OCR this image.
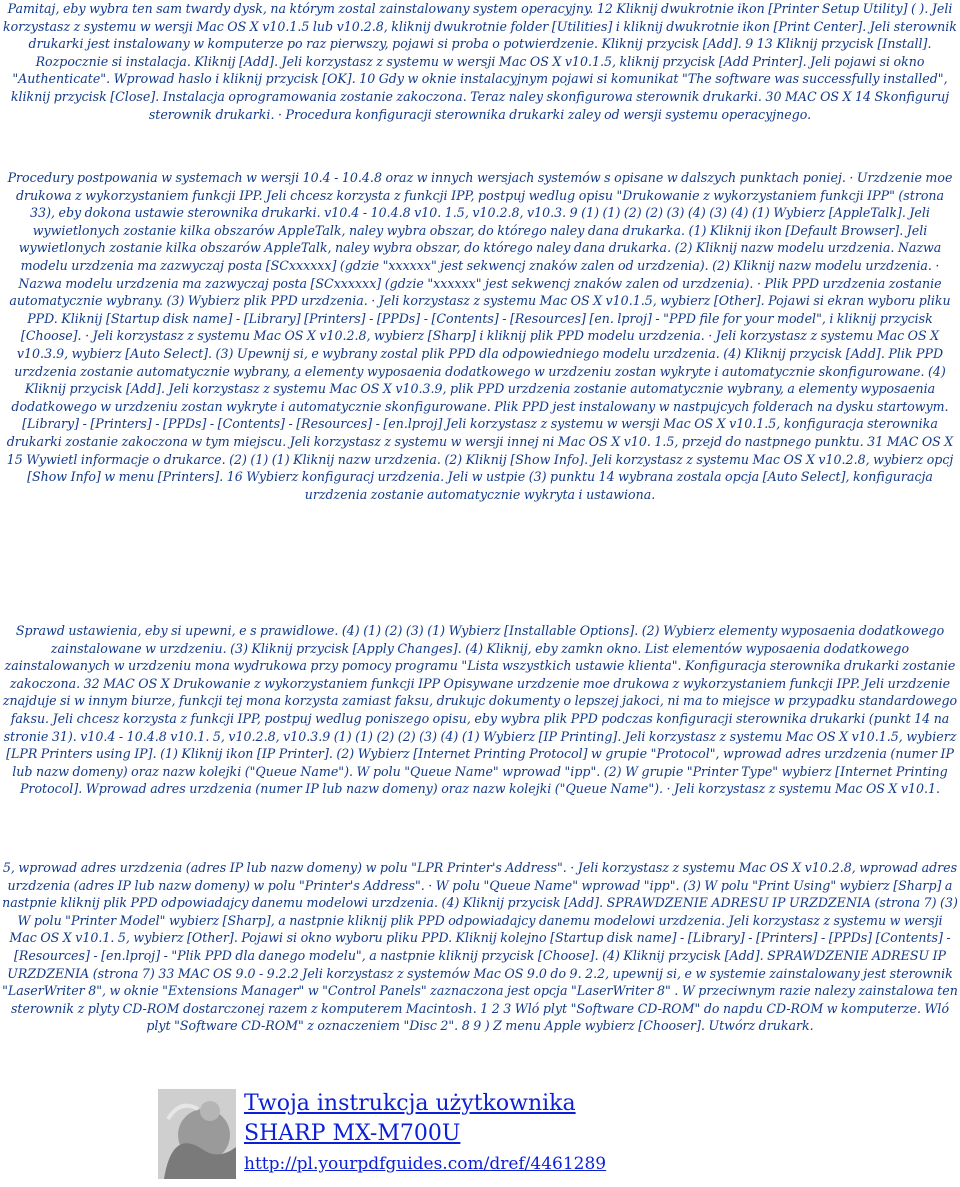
Pamitaj, eby wybra ten sam twardy dysk, na którym zostal zainstalowany system operacyjny. 12 Kliknij dwukrotnie ikon [Printer Setup Utility] ( ). Jeli korzystasz z systemu w wersji Mac OS X v10.1.5 lub v10.2.8, kliknij dwukrotnie folder [Utilities] i kliknij dwukrotnie ikon [Print Center]. Jeli sterownik drukarki jest instalowany w komputerze po raz pierwszy, pojawi si proba o potwierdzenie. Kliknij przycisk [Add]. 9 13 Kliknij przycisk [Install]. Rozpocznie si instalacja. Kliknij [Add]. Jeli korzystasz z systemu w wersji Mac OS X v10.1.5, kliknij przycisk [Add Printer]. Jeli pojawi si okno "Authenticate". Wprowad haslo i kliknij przycisk [OK]. 10 Gdy w oknie instalacyjnym pojawi si komunikat "The software was successfully installed", kliknij przycisk [Close]. Instalacja oprogramowania zostanie zakoczona. Teraz naley skonfigurowa sterownik drukarki. 30 MAC OS X 14 Skonfiguruj sterownik drukarki. · Procedura konfiguracji sterownika drukarki zaley od wersji systemu operacyjnego.

Procedury postpowania w systemach w wersji 10.4 - 10.4.8 oraz w innych wersjach systemów s opisane w dalszych punktach poniej. · Urzdzenie moe drukowa z wykorzystaniem funkcji IPP. Jeli chcesz korzysta z funkcji IPP, postpuj wedlug opisu "Drukowanie z wykorzystaniem funkcji IPP" (strona 33), eby dokona ustawie sterownika drukarki. v10.4 - 10.4.8 v10. 1.5, v10.2.8, v10.3. 9 (1) (1) (2) (2) (3) (4) (3) (4) (1) Wybierz [AppleTalk]. Jeli wywietlonych zostanie kilka obszarów AppleTalk, naley wybra obszar, do którego naley dana drukarka. (1) Kliknij ikon [Default Browser]. Jeli wywietlonych zostanie kilka obszarów AppleTalk, naley wybra obszar, do którego naley dana drukarka. (2) Kliknij nazw modelu urzdzenia. Nazwa modelu urzdzenia ma zazwyczaj posta [SCxxxxxx] (gdzie "xxxxxx" jest sekwencj znaków zalen od urzdzenia). (2) Kliknij nazw modelu urzdzenia. · Nazwa modelu urzdzenia ma zazwyczaj posta [SCxxxxxx] (gdzie "xxxxxx" jest sekwencj znaków zalen od urzdzenia). · Plik PPD urzdzenia zostanie automatycznie wybrany. (3) Wybierz plik PPD urzdzenia. · Jeli korzystasz z systemu Mac OS X v10.1.5, wybierz [Other]. Pojawi si ekran wyboru pliku PPD. Kliknij [Startup disk name] - [Library] [Printers] - [PPDs] - [Contents] - [Resources] [en. lproj] - "PPD file for your model", i kliknij przycisk [Choose]. · Jeli korzystasz z systemu Mac OS X v10.2.8, wybierz [Sharp] i kliknij plik PPD modelu urzdzenia. · Jeli korzystasz z systemu Mac OS X v10.3.9, wybierz [Auto Select]. (3) Upewnij si, e wybrany zostal plik PPD dla odpowiedniego modelu urzdzenia. (4) Kliknij przycisk [Add]. Plik PPD urzdzenia zostanie automatycznie wybrany, a elementy wyposaenia dodatkowego w urzdzeniu zostan wykryte i automatycznie skonfigurowane. (4) Kliknij przycisk [Add]. Jeli korzystasz z systemu Mac OS X v10.3.9, plik PPD urzdzenia zostanie automatycznie wybrany, a elementy wyposaenia dodatkowego w urzdzeniu zostan wykryte i automatycznie skonfigurowane. Plik PPD jest instalowany w nastpujcych folderach na dysku startowym. [Library] - [Printers] - [PPDs] - [Contents] - [Resources] - [en.lproj] Jeli korzystasz z systemu w wersji Mac OS X v10.1.5, konfiguracja sterownika drukarki zostanie zakoczona w tym miejscu. Jeli korzystasz z systemu w wersji innej ni Mac OS X v10. 1.5, przejd do nastpnego punktu. 31 MAC OS X 15 Wywietl informacje o drukarce. (2) (1) (1) Kliknij nazw urzdzenia. (2) Kliknij [Show Info]. Jeli korzystasz z systemu Mac OS X v10.2.8, wybierz opcj [Show Info] w menu [Printers]. 16 Wybierz konfiguracj urzdzenia. Jeli w ustpie (3) punktu 14 wybrana zostala opcja [Auto Select], konfiguracja urzdzenia zostanie automatycznie wykryta i ustawiona.

Sprawd ustawienia, eby si upewni, e s prawidlowe. (4) (1) (2) (3) (1) Wybierz [Installable Options]. (2) Wybierz elementy wyposaenia dodatkowego zainstalowane w urzdzeniu. (3) Kliknij przycisk [Apply Changes]. (4) Kliknij, eby zamkn okno. List elementów wyposaenia dodatkowego zainstalowanych w urzdzeniu mona wydrukowa przy pomocy programu "Lista wszystkich ustawie klienta". Konfiguracja sterownika drukarki zostanie zakoczona. 32 MAC OS X Drukowanie z wykorzystaniem funkcji IPP Opisywane urzdzenie moe drukowa z wykorzystaniem funkcji IPP. Jeli urzdzenie znajduje si w innym biurze, funkcji tej mona korzysta zamiast faksu, drukujc dokumenty o lepszej jakoci, ni ma to miejsce w przypadku standardowego faksu. Jeli chcesz korzysta z funkcji IPP, postpuj wedlug poniszego opisu, eby wybra plik PPD podczas konfiguracji sterownika drukarki (punkt 14 na stronie 31). v10.4 - 10.4.8 v10.1. 5, v10.2.8, v10.3.9 (1) (1) (2) (2) (3) (4) (1) Wybierz [IP Printing]. Jeli korzystasz z systemu Mac OS X v10.1.5, wybierz [LPR Printers using IP]. (1) Kliknij ikon [IP Printer]. (2) Wybierz [Internet Printing Protocol] w grupie "Protocol", wprowad adres urzdzenia (numer IP lub nazw domeny) oraz nazw kolejki ("Queue Name"). W polu "Queue Name" wprowad "ipp". (2) W grupie "Printer Type" wybierz [Internet Printing Protocol]. Wprowad adres urzdzenia (numer IP lub nazw domeny) oraz nazw kolejki ("Queue Name"). · Jeli korzystasz z systemu Mac OS X v10.1.

5, wprowad adres urzdzenia (adres IP lub nazw domeny) w polu "LPR Printer's Address". · Jeli korzystasz z systemu Mac OS X v10.2.8, wprowad adres urzdzenia (adres IP lub nazw domeny) w polu "Printer's Address". · W polu "Queue Name" wprowad "ipp". (3) W polu "Print Using" wybierz [Sharp] a nastpnie kliknij plik PPD odpowiadajcy danemu modelowi urzdzenia. (4) Kliknij przycisk [Add]. SPRAWDZENIE ADRESU IP URZDZENIA (strona 7) (3) W polu "Printer Model" wybierz [Sharp], a nastpnie kliknij plik PPD odpowiadajcy danemu modelowi urzdzenia. Jeli korzystasz z systemu w wersji Mac OS X v10.1. 5, wybierz [Other]. Pojawi si okno wyboru pliku PPD. Kliknij kolejno [Startup disk name] - [Library] - [Printers] - [PPDs] [Contents] - [Resources] - [en.lproj] - "Plik PPD dla danego modelu", a nastpnie kliknij przycisk [Choose]. (4) Kliknij przycisk [Add]. SPRAWDZENIE ADRESU IP URZDZENIA (strona 7) 33 MAC OS 9.0 - 9.2.2 Jeli korzystasz z systemów Mac OS 9.0 do 9. 2.2, upewnij si, e w systemie zainstalowany jest sterownik "LaserWriter 8", w oknie "Extensions Manager" w "Control Panels" zaznaczona jest opcja "LaserWriter 8" . W przeciwnym razie nalezy zainstalowa ten sterownik z plyty CD-ROM dostarczonej razem z komputerem Macintosh. 1 2 3 Wló plyt "Software CD-ROM" do napdu CD-ROM w komputerze. Wló plyt "Software CD-ROM" z oznaczeniem "Disc 2". 8 9 ) Z menu Apple wybierz [Chooser]. Utwórz drukark.

Twoja instrukcja użytkownika
SHARP MX-M700U
http://pl.yourpdfguides.com/dref/4461289
